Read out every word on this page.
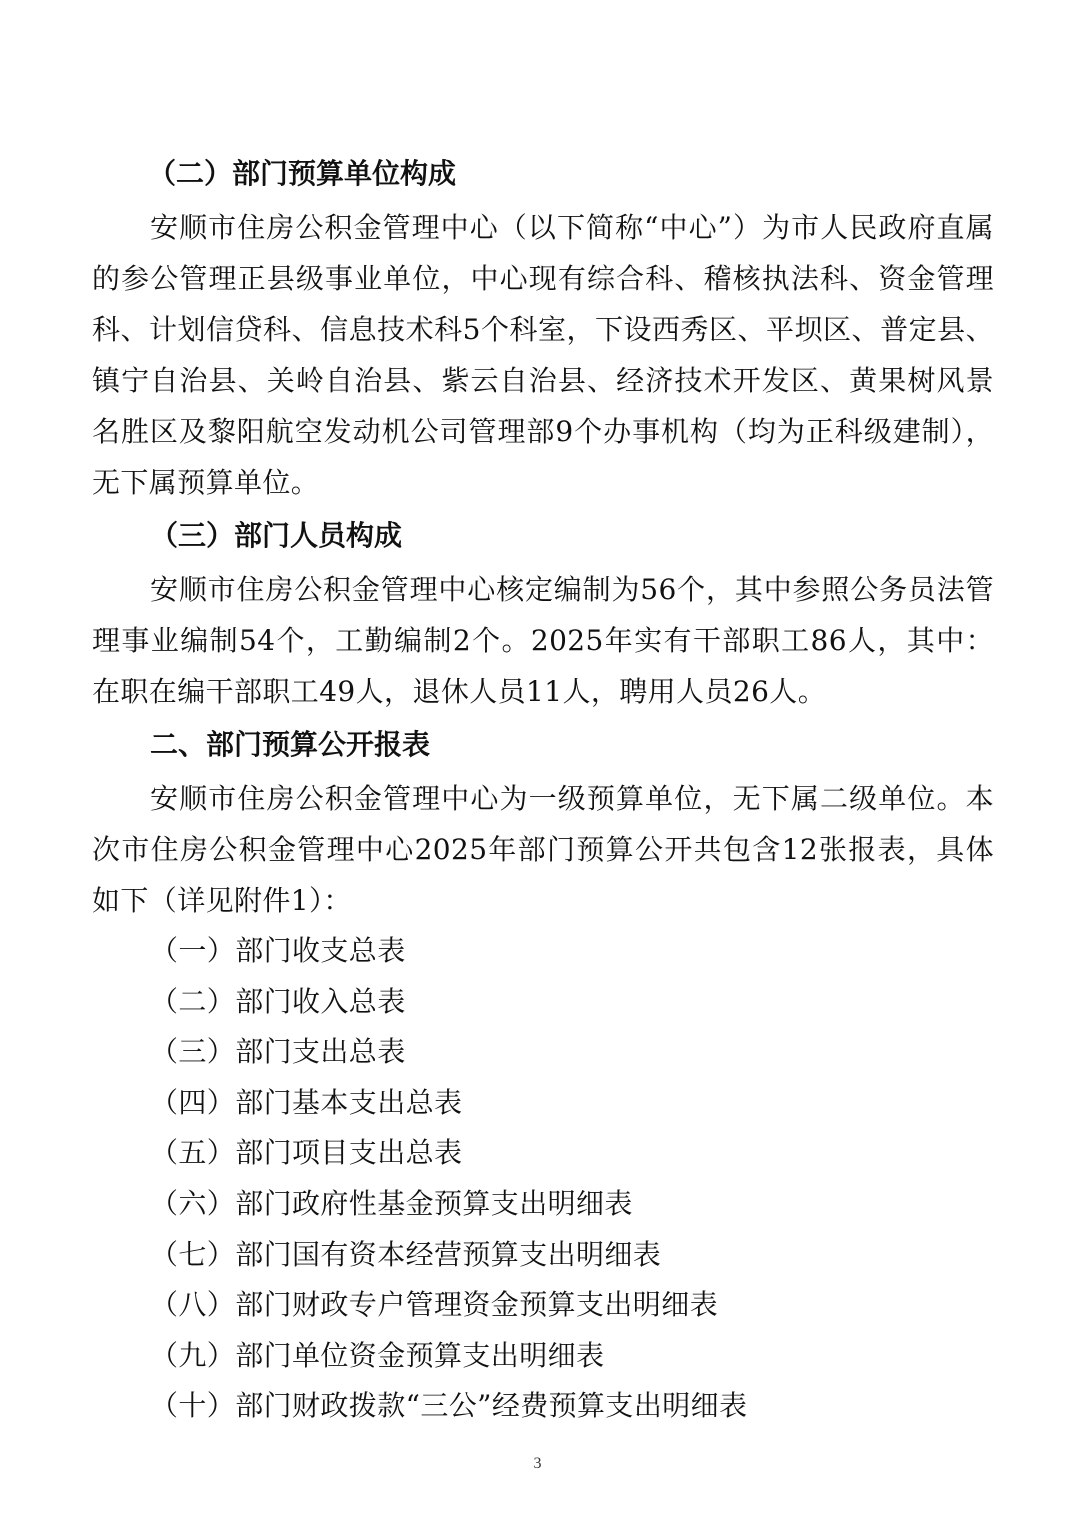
（二）部门预算单位构成

安顺市住房公积金管理中心（以下简称“中心”）为市人民政府直属的参公管理正县级事业单位，中心现有综合科、稽核执法科、资金管理科、计划信贷科、信息技术科5个科室，下设西秀区、平坝区、普定县、镇宁自治县、关岭自治县、紫云自治县、经济技术开发区、黄果树风景名胜区及黎阳航空发动机公司管理部9个办事机构（均为正科级建制），无下属预算单位。

（三）部门人员构成

安顺市住房公积金管理中心核定编制为56个，其中参照公务员法管理事业编制54个，工勤编制2个。2025年实有干部职工86人，其中：在职在编干部职工49人，退休人员11人，聘用人员26人。

二、部门预算公开报表

安顺市住房公积金管理中心为一级预算单位，无下属二级单位。本次市住房公积金管理中心2025年部门预算公开共包含12张报表，具体如下（详见附件1）：

（一）部门收支总表
（二）部门收入总表
（三）部门支出总表
（四）部门基本支出总表
（五）部门项目支出总表
（六）部门政府性基金预算支出明细表
（七）部门国有资本经营预算支出明细表
（八）部门财政专户管理资金预算支出明细表
（九）部门单位资金预算支出明细表
（十）部门财政拨款“三公”经费预算支出明细表
3
